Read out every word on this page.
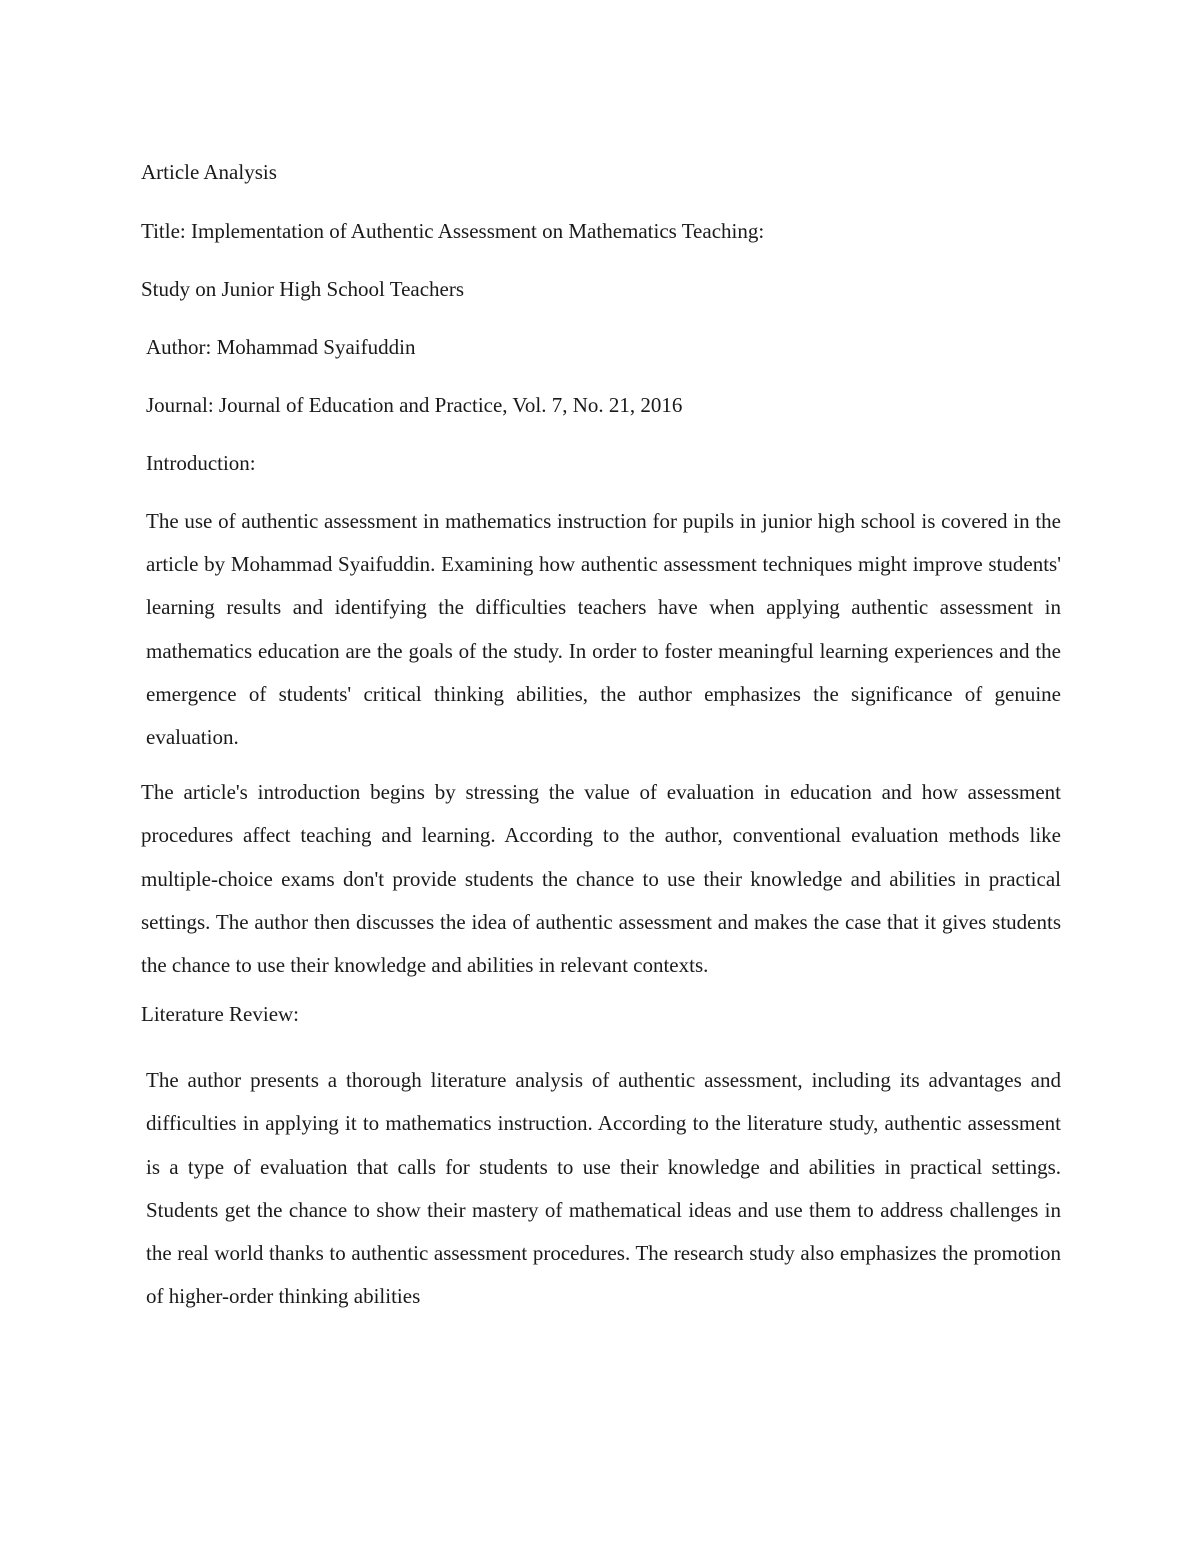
Article Analysis

Title: Implementation of Authentic Assessment on Mathematics Teaching:

Study on Junior High School Teachers

Author: Mohammad Syaifuddin

Journal: Journal of Education and Practice, Vol. 7, No. 21, 2016

Introduction:

The use of authentic assessment in mathematics instruction for pupils in junior high school is covered in the article by Mohammad Syaifuddin. Examining how authentic assessment techniques might improve students' learning results and identifying the difficulties teachers have when applying authentic assessment in mathematics education are the goals of the study. In order to foster meaningful learning experiences and the emergence of students' critical thinking abilities, the author emphasizes the significance of genuine evaluation.

The article's introduction begins by stressing the value of evaluation in education and how assessment procedures affect teaching and learning. According to the author, conventional evaluation methods like multiple-choice exams don't provide students the chance to use their knowledge and abilities in practical settings. The author then discusses the idea of authentic assessment and makes the case that it gives students the chance to use their knowledge and abilities in relevant contexts.

Literature Review:

The author presents a thorough literature analysis of authentic assessment, including its advantages and difficulties in applying it to mathematics instruction. According to the literature study, authentic assessment is a type of evaluation that calls for students to use their knowledge and abilities in practical settings. Students get the chance to show their mastery of mathematical ideas and use them to address challenges in the real world thanks to authentic assessment procedures. The research study also emphasizes the promotion of higher-order thinking abilities
